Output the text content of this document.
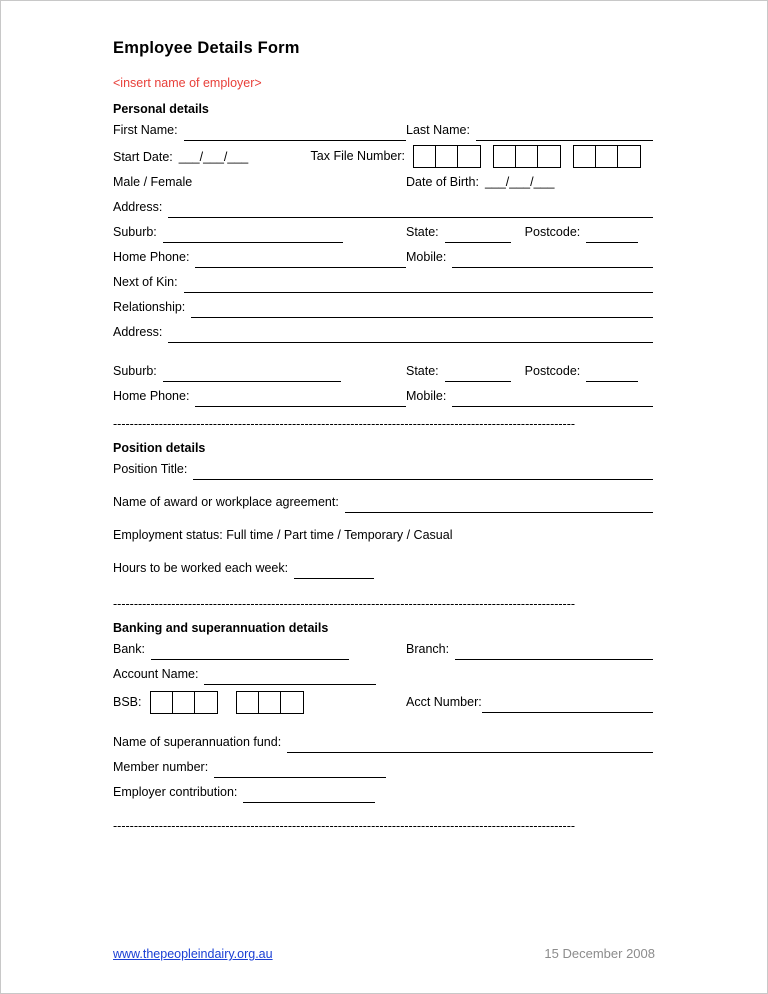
Employee Details Form
<insert name of employer>
Personal details
First Name:	Last Name:
Start Date: ___/___/___	Tax File Number:
Male / Female	Date of Birth: ___/___/___
Address:
Suburb:	State:	Postcode:
Home Phone:	Mobile:
Next of Kin:
Relationship:
Address:
Suburb:	State:	Postcode:
Home Phone:	Mobile:
---------------------------------------------------------------------------------------------------------------
Position details
Position Title:
Name of award or workplace agreement:
Employment status: Full time / Part time / Temporary / Casual
Hours to be worked each week:
---------------------------------------------------------------------------------------------------------------
Banking and superannuation details
Bank:	Branch:
Account Name:
BSB:	Acct Number:
Name of superannuation fund:
Member number:
Employer contribution:
---------------------------------------------------------------------------------------------------------------
www.thepeopleindairy.org.au	15 December 2008
